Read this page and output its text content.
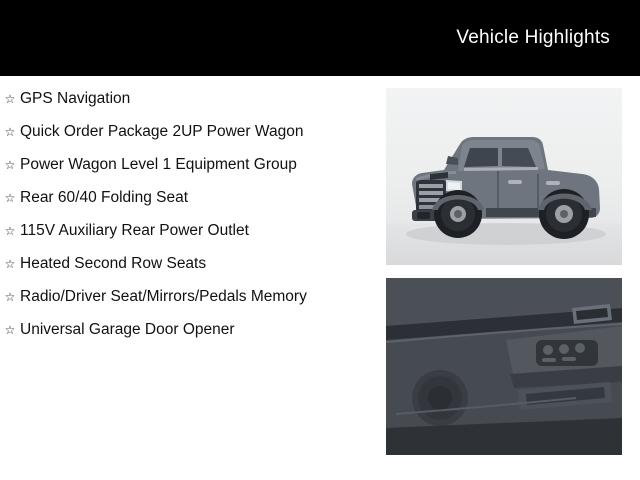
Vehicle Highlights
☆ GPS Navigation
☆ Quick Order Package 2UP Power Wagon
☆ Power Wagon Level 1 Equipment Group
☆ Rear 60/40 Folding Seat
☆ 115V Auxiliary Rear Power Outlet
☆ Heated Second Row Seats
☆ Radio/Driver Seat/Mirrors/Pedals Memory
☆ Universal Garage Door Opener
